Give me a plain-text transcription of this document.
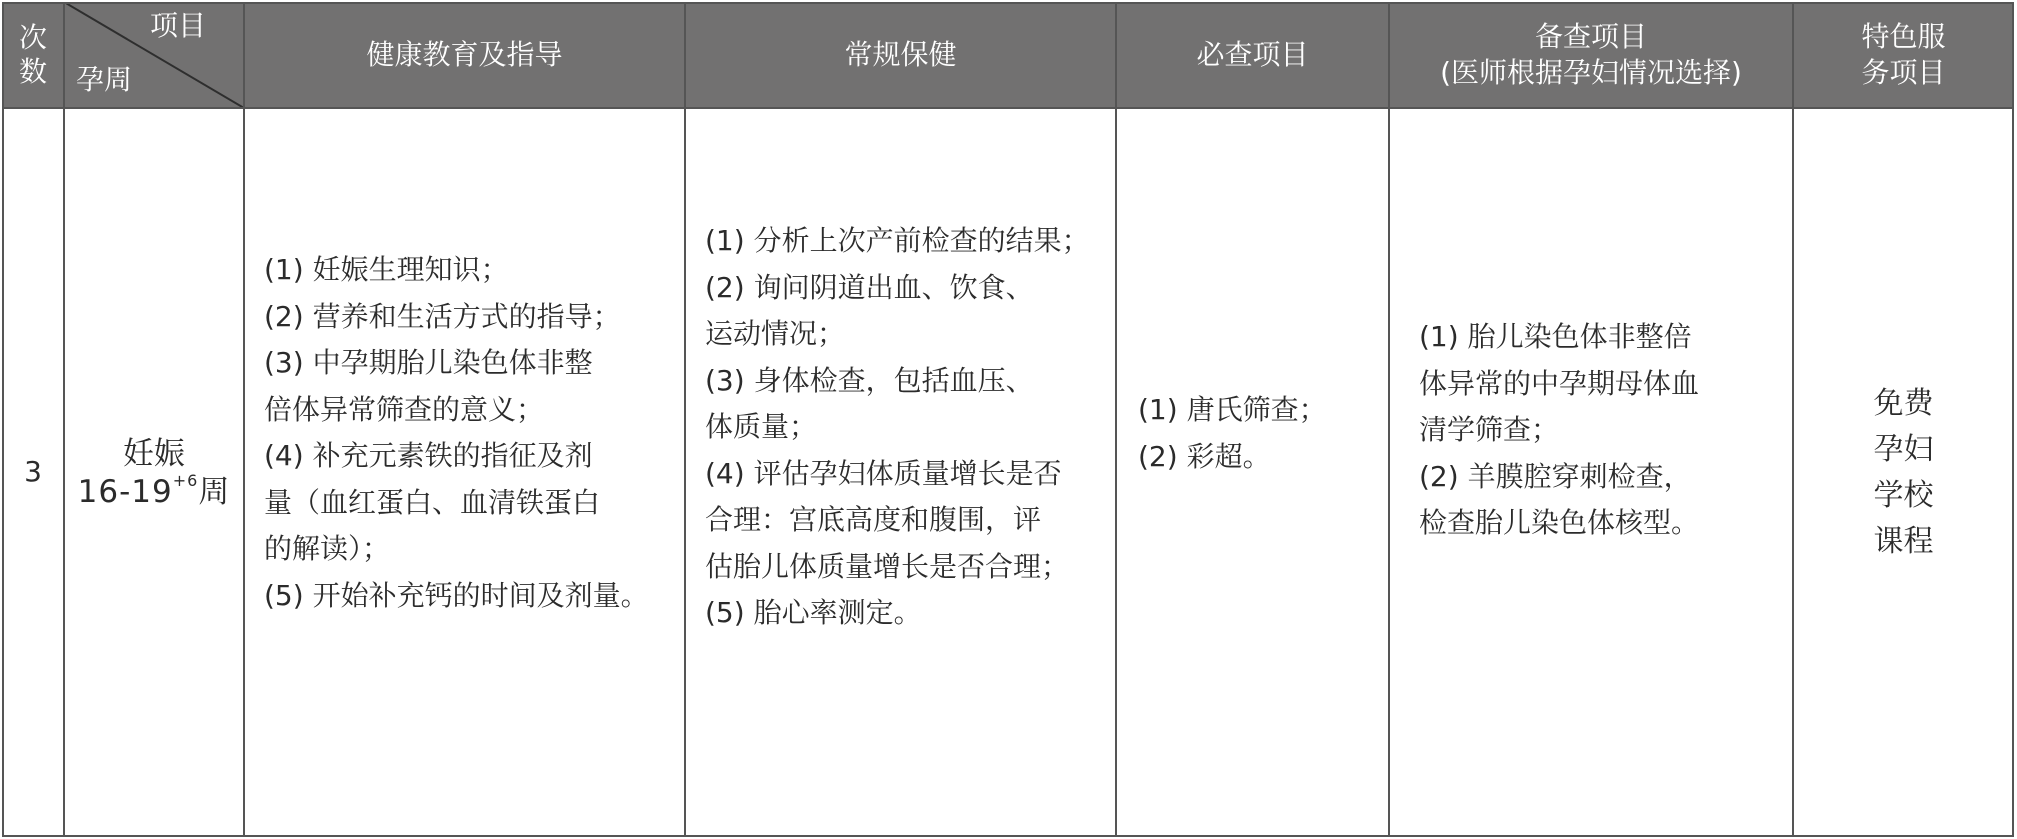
次
数
项目
孕周
健康教育及指导	常规保健	必查项目
备查项目
(医师根据孕妇情况选择)
特色服
务项目
3
妊娠
$16-19^{+6}$周
(1) 妊娠生理知识；
(2) 营养和生活方式的指导；
(3) 中孕期胎儿染色体非整
倍体异常筛查的意义；
(4) 补充元素铁的指征及剂
量（血红蛋白、血清铁蛋白
的解读）；
(5) 开始补充钙的时间及剂量。
(1) 分析上次产前检查的结果；
(2) 询问阴道出血、饮食、
运动情况；
(3) 身体检查，包括血压、
体质量；
(4) 评估孕妇体质量增长是否
合理：宫底高度和腹围，评
估胎儿体质量增长是否合理；
(5) 胎心率测定。
(1) 唐氏筛查；
(2) 彩超。
(1) 胎儿染色体非整倍
体异常的中孕期母体血
清学筛查；
(2) 羊膜腔穿刺检查，
检查胎儿染色体核型。
免费
孕妇
学校
课程
